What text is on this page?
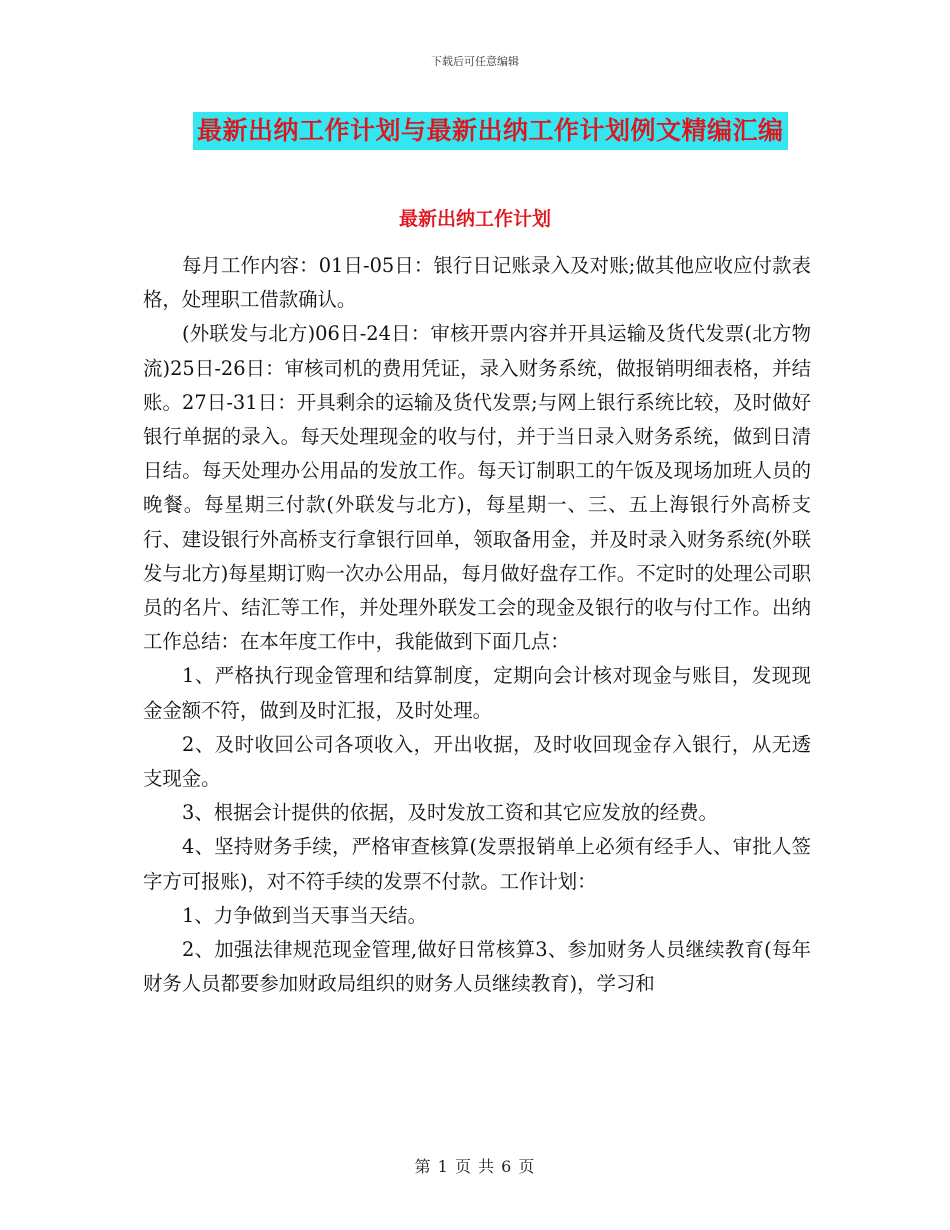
下载后可任意编辑
最新出纳工作计划与最新出纳工作计划例文精编汇编
最新出纳工作计划

每月工作内容：01日-05日：银行日记账录入及对账;做其他应收应付款表格，处理职工借款确认。

(外联发与北方)06日-24日：审核开票内容并开具运输及货代发票(北方物流)25日-26日：审核司机的费用凭证，录入财务系统，做报销明细表格，并结账。27日-31日：开具剩余的运输及货代发票;与网上银行系统比较，及时做好银行单据的录入。每天处理现金的收与付，并于当日录入财务系统，做到日清日结。每天处理办公用品的发放工作。每天订制职工的午饭及现场加班人员的晚餐。每星期三付款(外联发与北方)，每星期一、三、五上海银行外高桥支行、建设银行外高桥支行拿银行回单，领取备用金，并及时录入财务系统(外联发与北方)每星期订购一次办公用品，每月做好盘存工作。不定时的处理公司职员的名片、结汇等工作，并处理外联发工会的现金及银行的收与付工作。出纳工作总结：在本年度工作中，我能做到下面几点：

1、严格执行现金管理和结算制度，定期向会计核对现金与账目，发现现金金额不符，做到及时汇报，及时处理。

2、及时收回公司各项收入，开出收据，及时收回现金存入银行，从无透支现金。

3、根据会计提供的依据，及时发放工资和其它应发放的经费。

4、坚持财务手续，严格审查核算(发票报销单上必须有经手人、审批人签字方可报账)，对不符手续的发票不付款。工作计划：

1、力争做到当天事当天结。

2、加强法律规范现金管理,做好日常核算3、参加财务人员继续教育(每年财务人员都要参加财政局组织的财务人员继续教育)，学习和

第 1 页 共 6 页
